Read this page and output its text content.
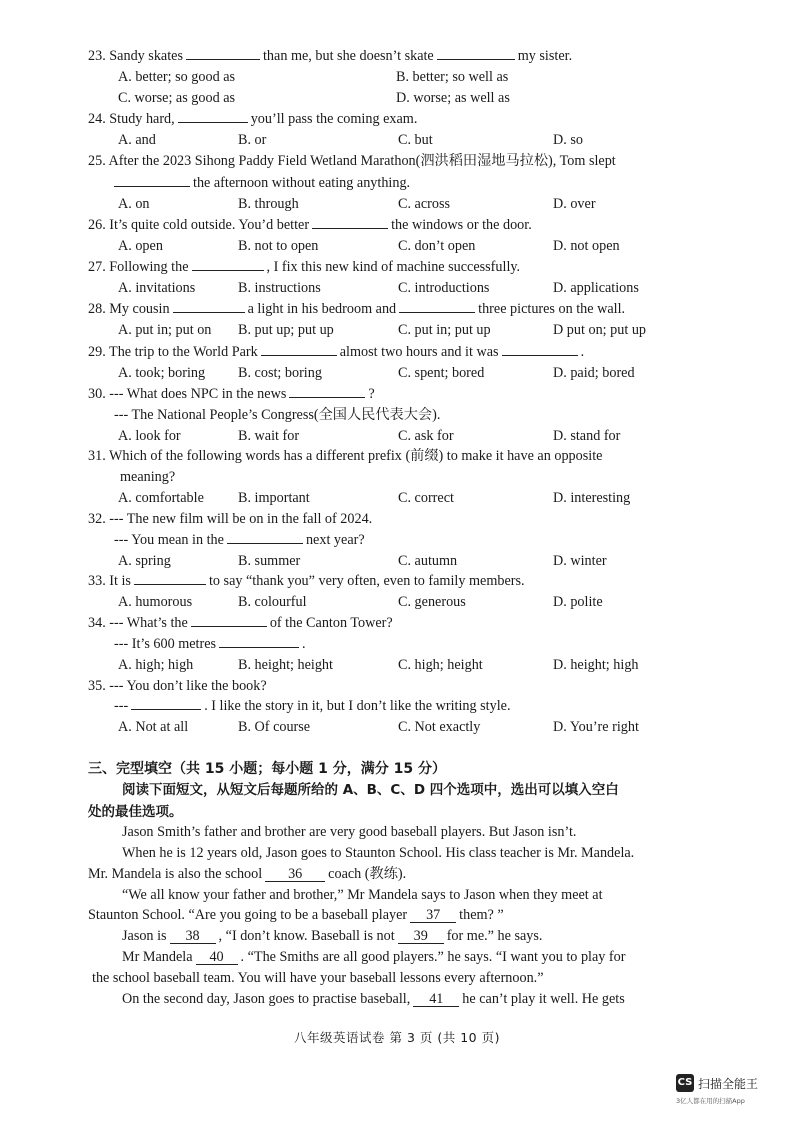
23. Sandy skates	than me, but she doesn’t skate	my sister.
A. better; so good as	B. better; so well as
C. worse; as good as	D. worse; as well as
24. Study hard,	you’ll pass the coming exam.
A. and	B. or	C. but	D. so
25. After the 2023 Sihong Paddy Field Wetland Marathon(泗洪稻田湿地马拉松), Tom slept
the afternoon without eating anything.
A. on	B. through	C. across	D. over
26. It’s quite cold outside. You’d better	the windows or the door.
A. open	B. not to open	C. don’t open	D. not open
27. Following the	, I fix this new kind of machine successfully.
A. invitations	B. instructions	C. introductions	D. applications
28. My cousin	a light in his bedroom and	three pictures on the wall.
A. put in; put on B. put up; put up	C. put in; put up	D put on; put up
29. The trip to the World Park	almost two hours and it was	.
A. took; boring B. cost; boring	C. spent; bored	D. paid; bored
30. --- What does NPC in the news	?
--- The National People’s Congress(全国人民代表大会).
A. look for	B. wait for	C. ask for	D. stand for
31. Which of the following words has a different prefix (前缀) to make it have an opposite
meaning?
A. comfortable B. important	C. correct	D. interesting
32. --- The new film will be on in the fall of 2024.
--- You mean in the	next year?
A. spring	B. summer	C. autumn	D. winter
33. It is	to say “thank you” very often, even to family members.
A. humorous	B. colourful	C. generous	D. polite
34. --- What’s the	of the Canton Tower?
--- It’s 600 metres	.
A. high; high	B. height; height	C. high; height	D. height; high
35. --- You don’t like the book?
---	. I like the story in it, but I don’t like the writing style.
A. Not at all	B. Of course	C. Not exactly	D. You’re right
三、完型填空（共 15 小题；每小题 1 分，满分 15 分）
阅读下面短文，从短文后每题所给的 A、B、C、D 四个选项中，选出可以填入空白
处的最佳选项。
Jason Smith’s father and brother are very good baseball players. But Jason isn’t.
When he is 12 years old, Jason goes to Staunton School. His class teacher is Mr. Mandela.
Mr. Mandela is also the school 36 coach (教练).
“We all know your father and brother,” Mr Mandela says to Jason when they meet at
Staunton School. “Are you going to be a baseball player 37 them? ”
Jason is 38 , “I don’t know. Baseball is not 39 for me.” he says.
Mr Mandela 40 . “The Smiths are all good players.” he says. “I want you to play for
the school baseball team. You will have your baseball lessons every afternoon.”
On the second day, Jason goes to practise baseball, 41 he can’t play it well. He gets
八年级英语试卷 第 3 页 (共 10 页)
CS 扫描全能王
3亿人都在用的扫描App
